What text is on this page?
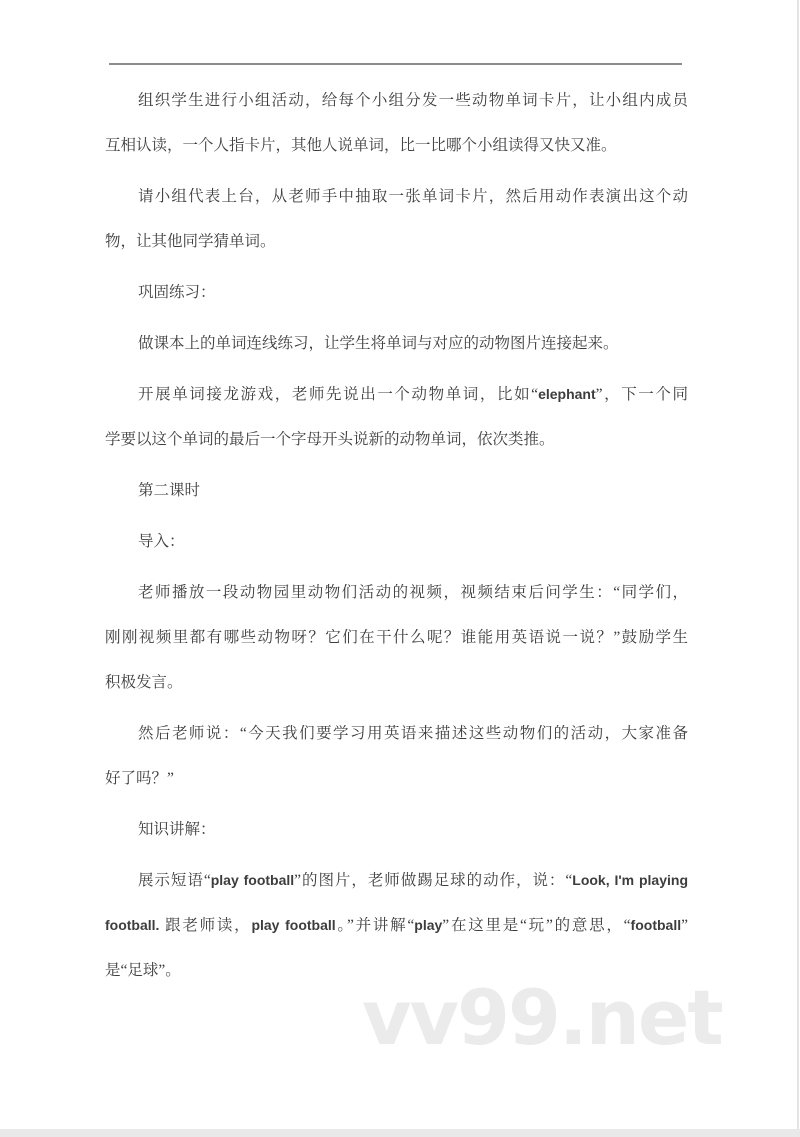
vv99.net
组织学生进行小组活动，给每个小组分发一些动物单词卡片，让小组内成员
互相认读，一个人指卡片，其他人说单词，比一比哪个小组读得又快又准。
请小组代表上台，从老师手中抽取一张单词卡片，然后用动作表演出这个动
物，让其他同学猜单词。
巩固练习：
做课本上的单词连线练习，让学生将单词与对应的动物图片连接起来。
开展单词接龙游戏，老师先说出一个动物单词，比如“elephant”，下一个同
学要以这个单词的最后一个字母开头说新的动物单词，依次类推。
第二课时
导入：
老师播放一段动物园里动物们活动的视频，视频结束后问学生：“同学们，
刚刚视频里都有哪些动物呀？它们在干什么呢？谁能用英语说一说？”鼓励学生
积极发言。
然后老师说：“今天我们要学习用英语来描述这些动物们的活动，大家准备
好了吗？”
知识讲解：
展示短语“play football”的图片，老师做踢足球的动作，说：“Look, I'm playing
football. 跟老师读，play football。”并讲解“play”在这里是“玩”的意思，“football”
是“足球”。
